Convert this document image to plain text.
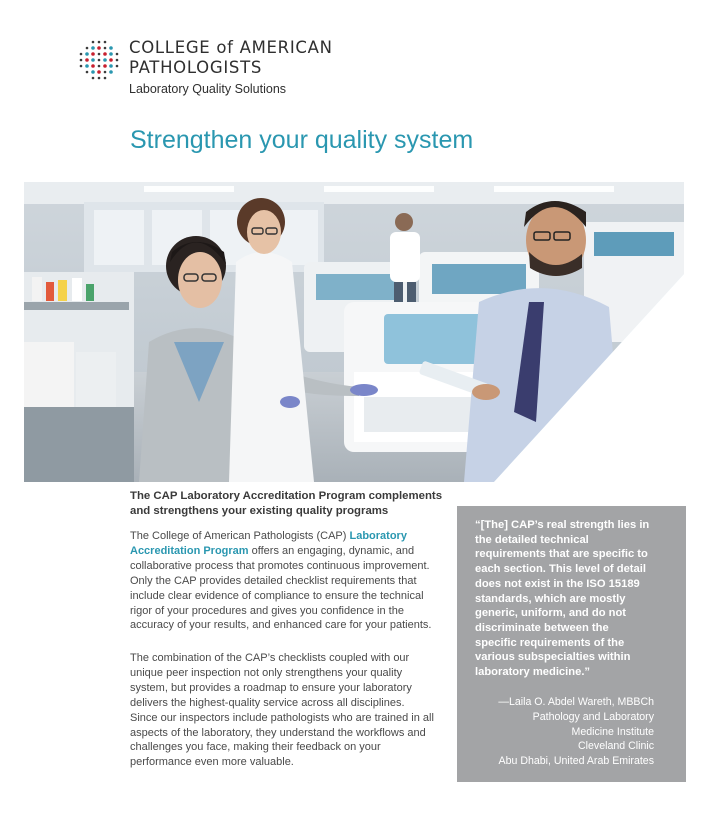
COLLEGE of AMERICAN
PATHOLOGISTS
Laboratory Quality Solutions
Strengthen your quality system

The CAP Laboratory Accreditation Program complements and strengthens your existing quality programs

The College of American Pathologists (CAP) Laboratory Accreditation Program offers an engaging, dynamic, and collaborative process that promotes continuous improvement. Only the CAP provides detailed checklist requirements that include clear evidence of compliance to ensure the technical rigor of your procedures and gives you confidence in the accuracy of your results, and enhanced care for your patients.

The combination of the CAP’s checklists coupled with our unique peer inspection not only strengthens your quality system, but provides a roadmap to ensure your laboratory delivers the highest-quality service across all disciplines. Since our inspectors include pathologists who are trained in all aspects of the laboratory, they understand the workflows and challenges you face, making their feedback on your performance even more valuable.

“[The] CAP’s real strength lies in the detailed technical requirements that are specific to each section. This level of detail does not exist in the ISO 15189 standards, which are mostly generic, uniform, and do not discriminate between the specific requirements of the various subspecialties within laboratory medicine.”

—Laila O. Abdel Wareth, MBBCh
Pathology and Laboratory
Medicine Institute
Cleveland Clinic
Abu Dhabi, United Arab Emirates
